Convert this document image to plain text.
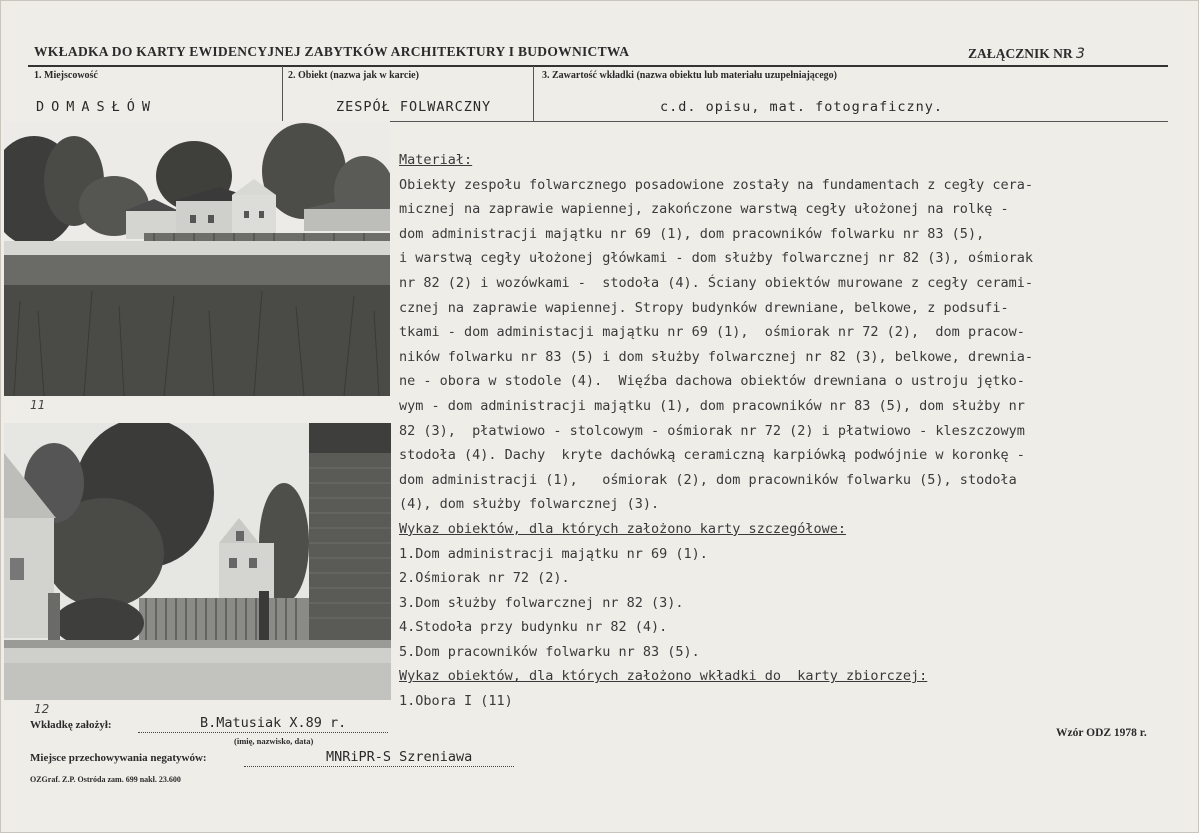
WKŁADKA DO KARTY EWIDENCYJNEJ ZABYTKÓW ARCHITEKTURY I BUDOWNICTWA	ZAŁĄCZNIK NR 3
1. Miejscowość	2. Obiekt (nazwa jak w karcie)	3. Zawartość wkładki (nazwa obiektu lub materiału uzupełniającego)
DOMASŁÓW	ZESPÓŁ FOLWARCZNY	c.d. opisu, mat. fotograficzny.
11
12
Materiał:
Obiekty zespołu folwarcznego posadowione zostały na fundamentach z cegły cera-
micznej na zaprawie wapiennej, zakończone warstwą cegły ułożonej na rolkę -
dom administracji majątku nr 69 (1), dom pracowników folwarku nr 83 (5),
i warstwą cegły ułożonej główkami - dom służby folwarcznej nr 82 (3), ośmiorak
nr 82 (2) i wozówkami -  stodoła (4). Ściany obiektów murowane z cegły cerami-
cznej na zaprawie wapiennej. Stropy budynków drewniane, belkowe, z podsufi-
tkami - dom administacji majątku nr 69 (1),  ośmiorak nr 72 (2),  dom pracow-
ników folwarku nr 83 (5) i dom służby folwarcznej nr 82 (3), belkowe, drewnia-
ne - obora w stodole (4).  Więźba dachowa obiektów drewniana o ustroju jętko-
wym - dom administracji majątku (1), dom pracowników nr 83 (5), dom służby nr
82 (3),  płatwiowo - stolcowym - ośmiorak nr 72 (2) i płatwiowo - kleszczowym
stodoła (4). Dachy  kryte dachówką ceramiczną karpiówką podwójnie w koronkę -
dom administracji (1),   ośmiorak (2), dom pracowników folwarku (5), stodoła
(4), dom służby folwarcznej (3).
Wykaz obiektów, dla których założono karty szczegółowe:
1.Dom administracji majątku nr 69 (1).
2.Ośmiorak nr 72 (2).
3.Dom służby folwarcznej nr 82 (3).
4.Stodoła przy budynku nr 82 (4).
5.Dom pracowników folwarku nr 83 (5).
Wykaz obiektów, dla których założono wkładki do  karty zbiorczej:
1.Obora I (11)
Wkładkę założył:	B.Matusiak X.89 r.
(imię, nazwisko, data)
Miejsce przechowywania negatywów:	MNRiPR-S Szreniawa
OZGraf. Z.P. Ostróda zam. 699 nakł. 23.600
Wzór ODZ 1978 r.
